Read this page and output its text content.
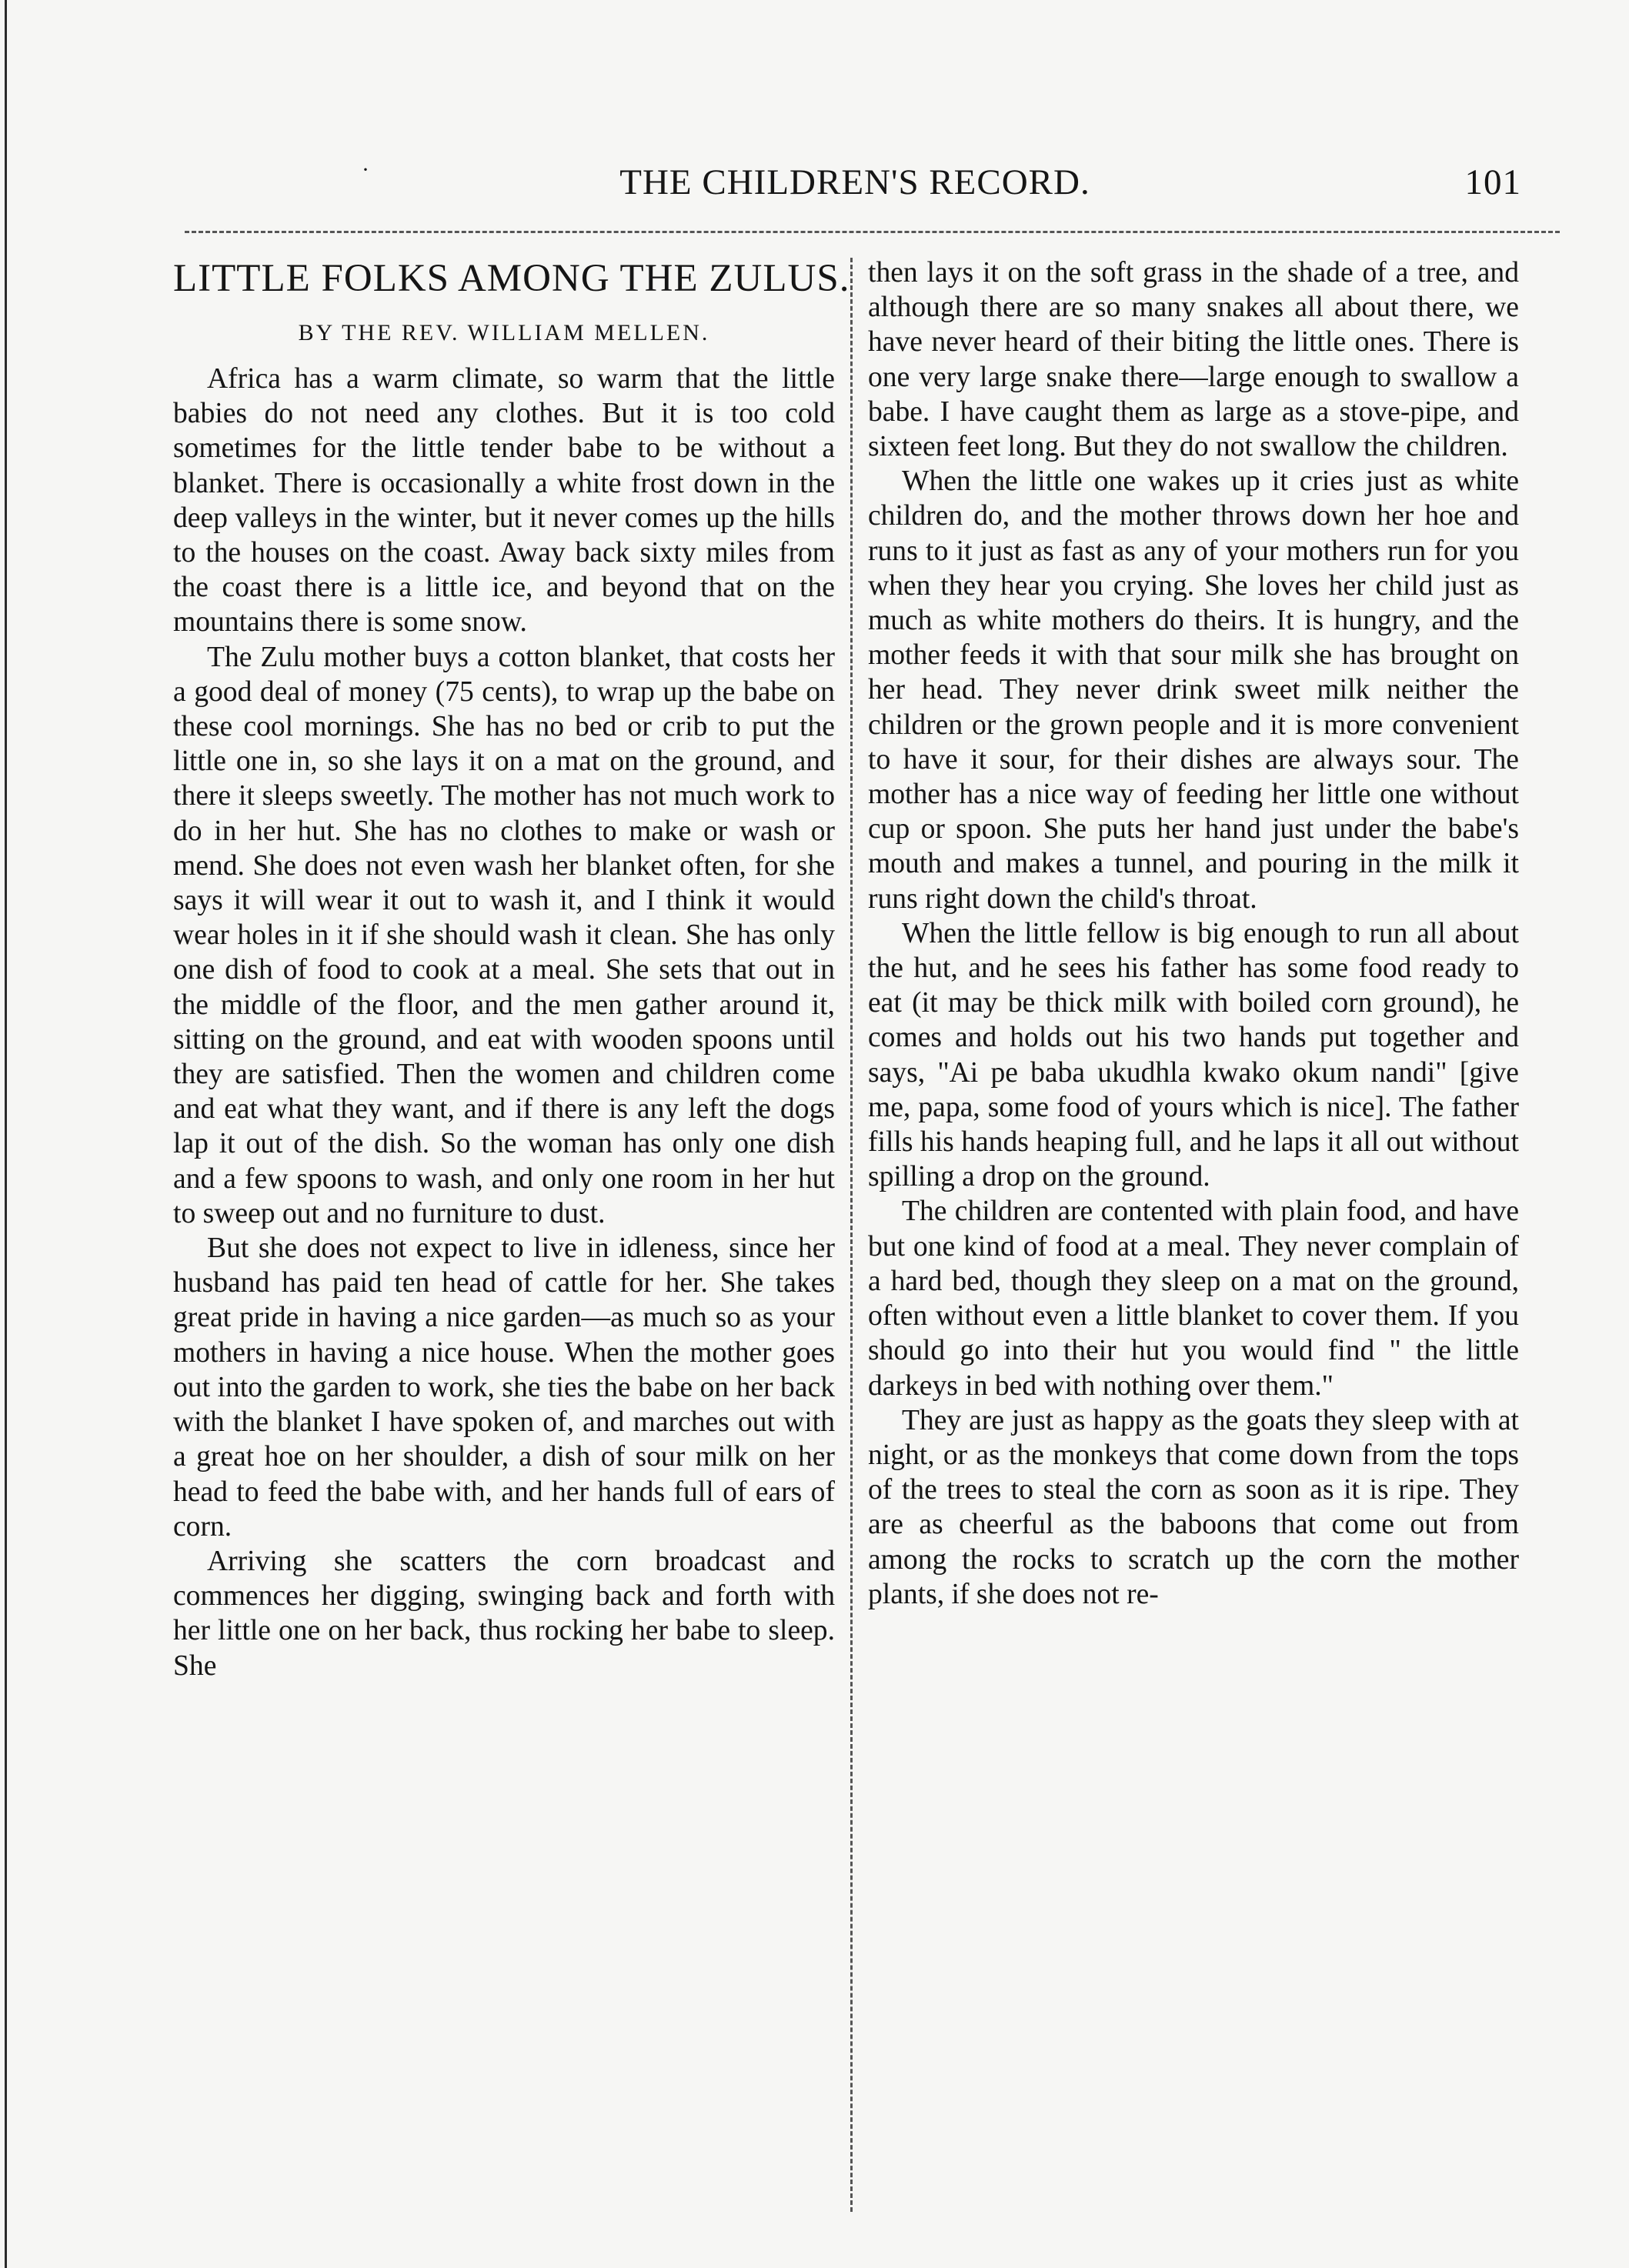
·	THE CHILDREN'S RECORD.	101
LITTLE FOLKS AMONG THE ZULUS.
BY THE REV. WILLIAM MELLEN.

Africa has a warm climate, so warm that the little babies do not need any clothes. But it is too cold sometimes for the little tender babe to be without a blanket. There is occasionally a white frost down in the deep valleys in the winter, but it never comes up the hills to the houses on the coast. Away back sixty miles from the coast there is a little ice, and beyond that on the mountains there is some snow.

The Zulu mother buys a cotton blanket, that costs her a good deal of money (75 cents), to wrap up the babe on these cool mornings. She has no bed or crib to put the little one in, so she lays it on a mat on the ground, and there it sleeps sweetly. The mother has not much work to do in her hut. She has no clothes to make or wash or mend. She does not even wash her blanket often, for she says it will wear it out to wash it, and I think it would wear holes in it if she should wash it clean. She has only one dish of food to cook at a meal. She sets that out in the middle of the floor, and the men gather around it, sitting on the ground, and eat with wooden spoons until they are satisfied. Then the women and children come and eat what they want, and if there is any left the dogs lap it out of the dish. So the woman has only one dish and a few spoons to wash, and only one room in her hut to sweep out and no furniture to dust.

But she does not expect to live in idleness, since her husband has paid ten head of cattle for her. She takes great pride in having a nice garden—as much so as your mothers in having a nice house. When the mother goes out into the garden to work, she ties the babe on her back with the blanket I have spoken of, and marches out with a great hoe on her shoulder, a dish of sour milk on her head to feed the babe with, and her hands full of ears of corn.

Arriving she scatters the corn broadcast and commences her digging, swinging back and forth with her little one on her back, thus rocking her babe to sleep. She

then lays it on the soft grass in the shade of a tree, and although there are so many snakes all about there, we have never heard of their biting the little ones. There is one very large snake there—large enough to swallow a babe. I have caught them as large as a stove-pipe, and sixteen feet long. But they do not swallow the children.

When the little one wakes up it cries just as white children do, and the mother throws down her hoe and runs to it just as fast as any of your mothers run for you when they hear you crying. She loves her child just as much as white mothers do theirs. It is hungry, and the mother feeds it with that sour milk she has brought on her head. They never drink sweet milk neither the children or the grown people and it is more convenient to have it sour, for their dishes are always sour. The mother has a nice way of feeding her little one without cup or spoon. She puts her hand just under the babe's mouth and makes a tunnel, and pouring in the milk it runs right down the child's throat.

When the little fellow is big enough to run all about the hut, and he sees his father has some food ready to eat (it may be thick milk with boiled corn ground), he comes and holds out his two hands put together and says, "Ai pe baba ukudhla kwako okum nandi" [give me, papa, some food of yours which is nice]. The father fills his hands heaping full, and he laps it all out without spilling a drop on the ground.

The children are contented with plain food, and have but one kind of food at a meal. They never complain of a hard bed, though they sleep on a mat on the ground, often without even a little blanket to cover them. If you should go into their hut you would find " the little darkeys in bed with nothing over them."

They are just as happy as the goats they sleep with at night, or as the monkeys that come down from the tops of the trees to steal the corn as soon as it is ripe. They are as cheerful as the baboons that come out from among the rocks to scratch up the corn the mother plants, if she does not re-
